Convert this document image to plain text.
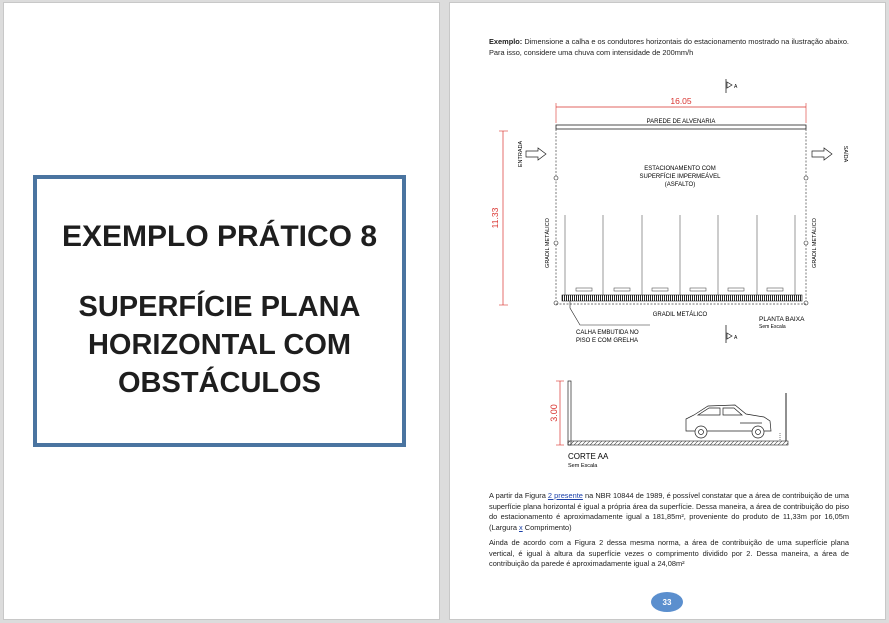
EXEMPLO PRÁTICO 8
SUPERFÍCIE PLANA
HORIZONTAL COM
OBSTÁCULOS
Exemplo: Dimensione a calha e os condutores horizontais do estacionamento mostrado na ilustração abaixo. Para isso, considere uma chuva com intensidade de 200mm/h
A
16.05
PAREDE DE ALVENARIA
11.33
ENTRADA	SAÍDA
ESTACIONAMENTO COM
SUPERFÍCIE IMPERMEÁVEL
(ASFALTO)
GRADIL METÁLICO	GRADIL METÁLICO
GRADIL METÁLICO
CALHA EMBUTIDA NO
PISO E COM GRELHA	A
PLANTA BAIXA
Sem Escala
3.00
CORTE AA
Sem Escala
A partir da Figura 2 presente na NBR 10844 de 1989, é possível constatar que a área de contribuição de uma superfície plana horizontal é igual a própria área da superfície. Dessa maneira, a área de contribuição do piso do estacionamento é aproximadamente igual a 181,85m², proveniente do produto de 11,33m por 16,05m (Largura x Comprimento)
Ainda de acordo com a Figura 2 dessa mesma norma, a área de contribuição de uma superfície plana vertical, é igual à altura da superfície vezes o comprimento dividido por 2. Dessa maneira, a área de contribuição da parede é aproximadamente igual a 24,08m²
33
